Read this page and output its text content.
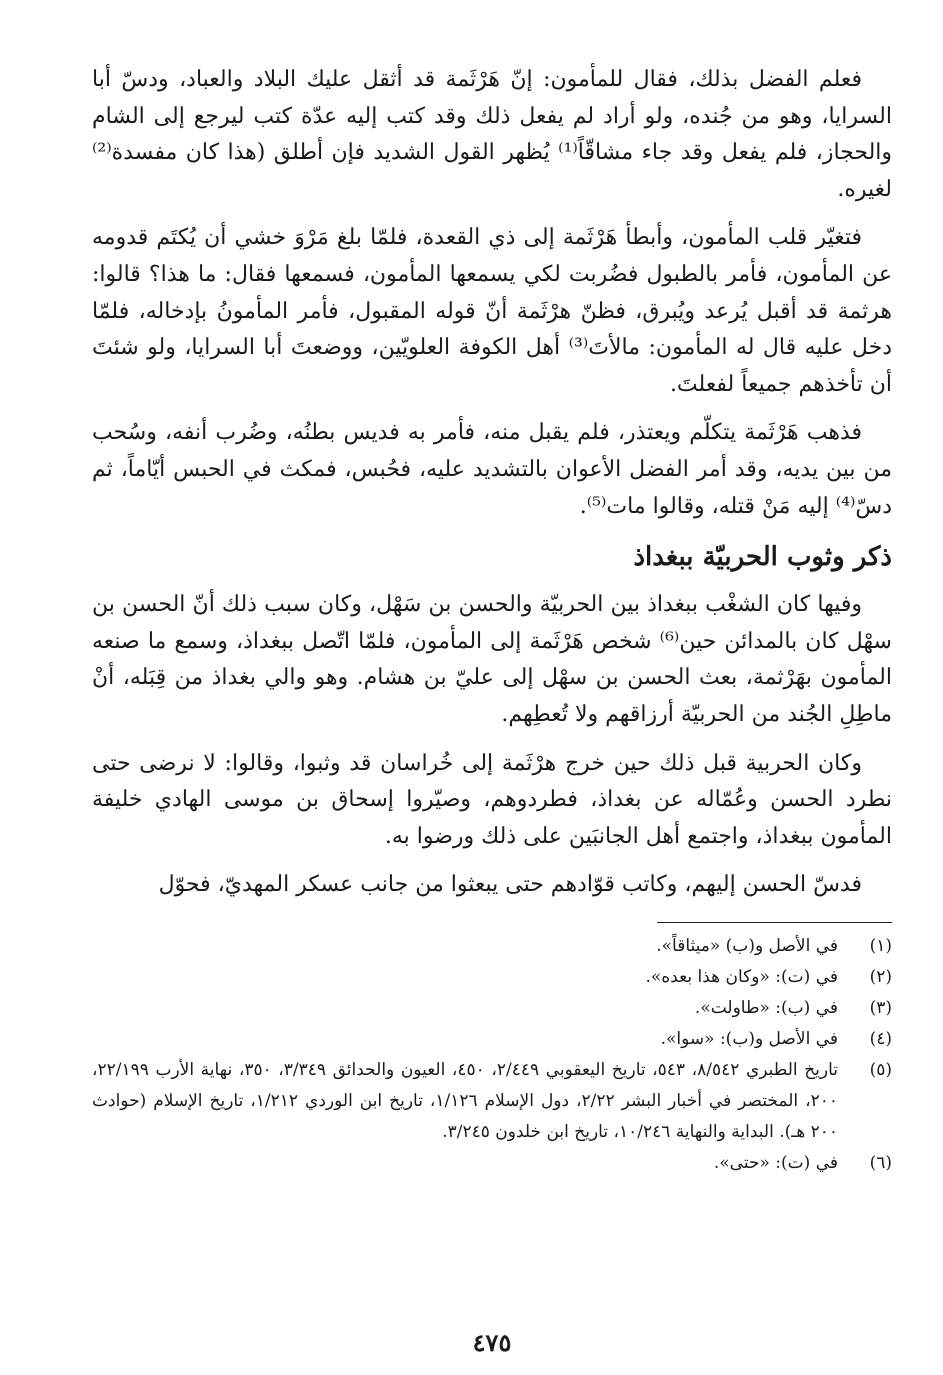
فعلم الفضل بذلك، فقال للمأمون: إنّ هَرْثَمة قد أثقل عليك البلاد والعباد، ودسّ أبا السرايا، وهو من جُنده، ولو أراد لم يفعل ذلك وقد كتب إليه عدّة كتب ليرجع إلى الشام والحجاز، فلم يفعل وقد جاء مشاقّاً⁽¹⁾ يُظهر القول الشديد فإن أطلق (هذا كان مفسدة⁽²⁾ لغيره.

فتغيّر قلب المأمون، وأبطأ هَرْثَمة إلى ذي القعدة، فلمّا بلغ مَرْوَ خشي أن يُكتَم قدومه عن المأمون، فأمر بالطبول فضُربت لكي يسمعها المأمون، فسمعها فقال: ما هذا؟ قالوا: هرثمة قد أقبل يُرعد ويُبرق، فظنّ هرْثَمة أنّ قوله المقبول، فأمر المأمونُ بإدخاله، فلمّا دخل عليه قال له المأمون: مالأتَ⁽³⁾ أهل الكوفة العلويّين، ووضعتَ أبا السرايا، ولو شئتَ أن تأخذهم جميعاً لفعلتَ.

فذهب هَرْثَمة يتكلّم ويعتذر، فلم يقبل منه، فأمر به فديس بطنُه، وضُرب أنفه، وسُحب من بين يديه، وقد أمر الفضل الأعوان بالتشديد عليه، فحُبس، فمكث في الحبس أيّاماً، ثم دسّ⁽⁴⁾ إليه مَنْ قتله، وقالوا مات⁽⁵⁾.

ذكر وثوب الحربيّة ببغداذ

وفيها كان الشغْب ببغداذ بين الحربيّة والحسن بن سَهْل، وكان سبب ذلك أنّ الحسن بن سهْل كان بالمدائن حين⁽⁶⁾ شخص هَرْثَمة إلى المأمون، فلمّا اتّصل ببغداذ، وسمع ما صنعه المأمون بهَرْثمة، بعث الحسن بن سهْل إلى عليّ بن هشام. وهو والي بغداذ من قِبَله، أنْ ماطِلِ الجُند من الحربيّة أرزاقهم ولا تُعطِهم.

وكان الحربية قبل ذلك حين خرج هرْثَمة إلى خُراسان قد وثبوا، وقالوا: لا نرضى حتى نطرد الحسن وعُمّاله عن بغداذ، فطردوهم، وصيّروا إسحاق بن موسى الهادي خليفة المأمون ببغداذ، واجتمع أهل الجانبَين على ذلك ورضوا به.

فدسّ الحسن إليهم، وكاتب قوّادهم حتى يبعثوا من جانب عسكر المهديّ، فحوّل

(١)
في الأصل و(ب) «ميثاقاً».
(٢)
في (ت): «وكان هذا بعده».
(٣)
في (ب): «طاولت».
(٤)
في الأصل و(ب): «سوا».
(٥)
تاريخ الطبري ٨/٥٤٢، ٥٤٣، تاريخ اليعقوبي ٢/٤٤٩، ٤٥٠، العيون والحدائق ٣/٣٤٩، ٣٥٠، نهاية الأرب ٢٢/١٩٩، ٢٠٠، المختصر في أخبار البشر ٢/٢٢، دول الإسلام ١/١٢٦، تاريخ ابن الوردي ١/٢١٢، تاريخ الإسلام (حوادث ٢٠٠ هـ). البداية والنهاية ١٠/٢٤٦، تاريخ ابن خلدون ٣/٢٤٥.
(٦)
في (ت): «حتى».
٤٧٥
